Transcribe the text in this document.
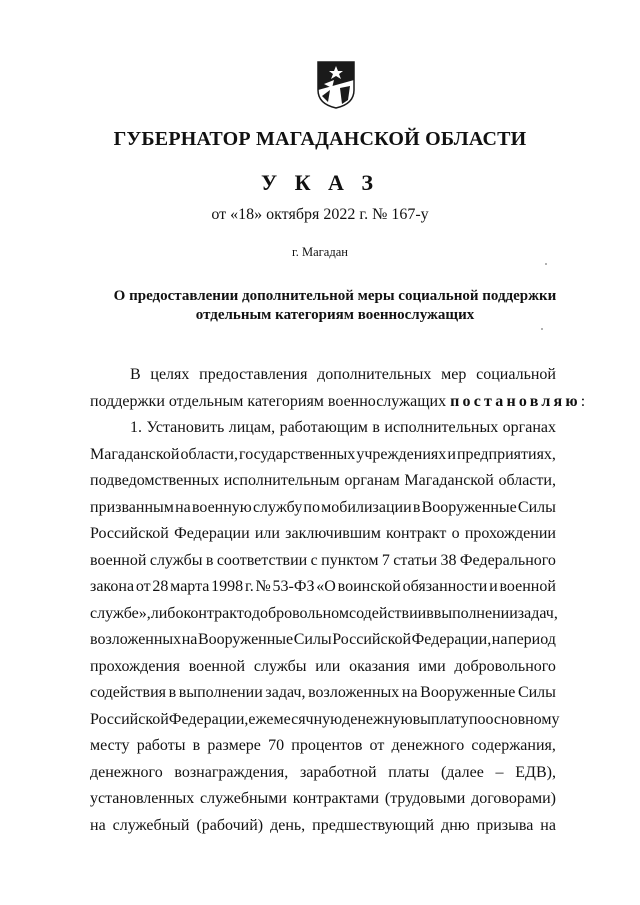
ГУБЕРНАТОР МАГАДАНСКОЙ ОБЛАСТИ
У К А З
от «18» октября 2022 г. № 167-у
г. Магадан
О предоставлении дополнительной меры социальной поддержки
отдельным категориям военнослужащих
В целях предоставления дополнительных мер социальной
поддержки отдельным категориям военнослужащих постановляю:
1. Установить лицам, работающим в исполнительных органах
Магаданской области, государственных учреждениях и предприятиях,
подведомственных исполнительным органам Магаданской области,
призванным на военную службу по мобилизации в Вооруженные Силы
Российской Федерации или заключившим контракт о прохождении
военной службы в соответствии с пунктом 7 статьи 38 Федерального
закона от 28 марта 1998 г. № 53-ФЗ «О воинской обязанности и военной
службе», либо контракт о добровольном содействии в выполнении задач,
возложенных на Вооруженные Силы Российской Федерации, на период
прохождения военной службы или оказания ими добровольного
содействия в выполнении задач, возложенных на Вооруженные Силы
Российской Федерации, ежемесячную денежную выплату по основному
месту работы в размере 70 процентов от денежного содержания,
денежного вознаграждения, заработной платы (далее – ЕДВ),
установленных служебными контрактами (трудовыми договорами)
на служебный (рабочий) день, предшествующий дню призыва на
